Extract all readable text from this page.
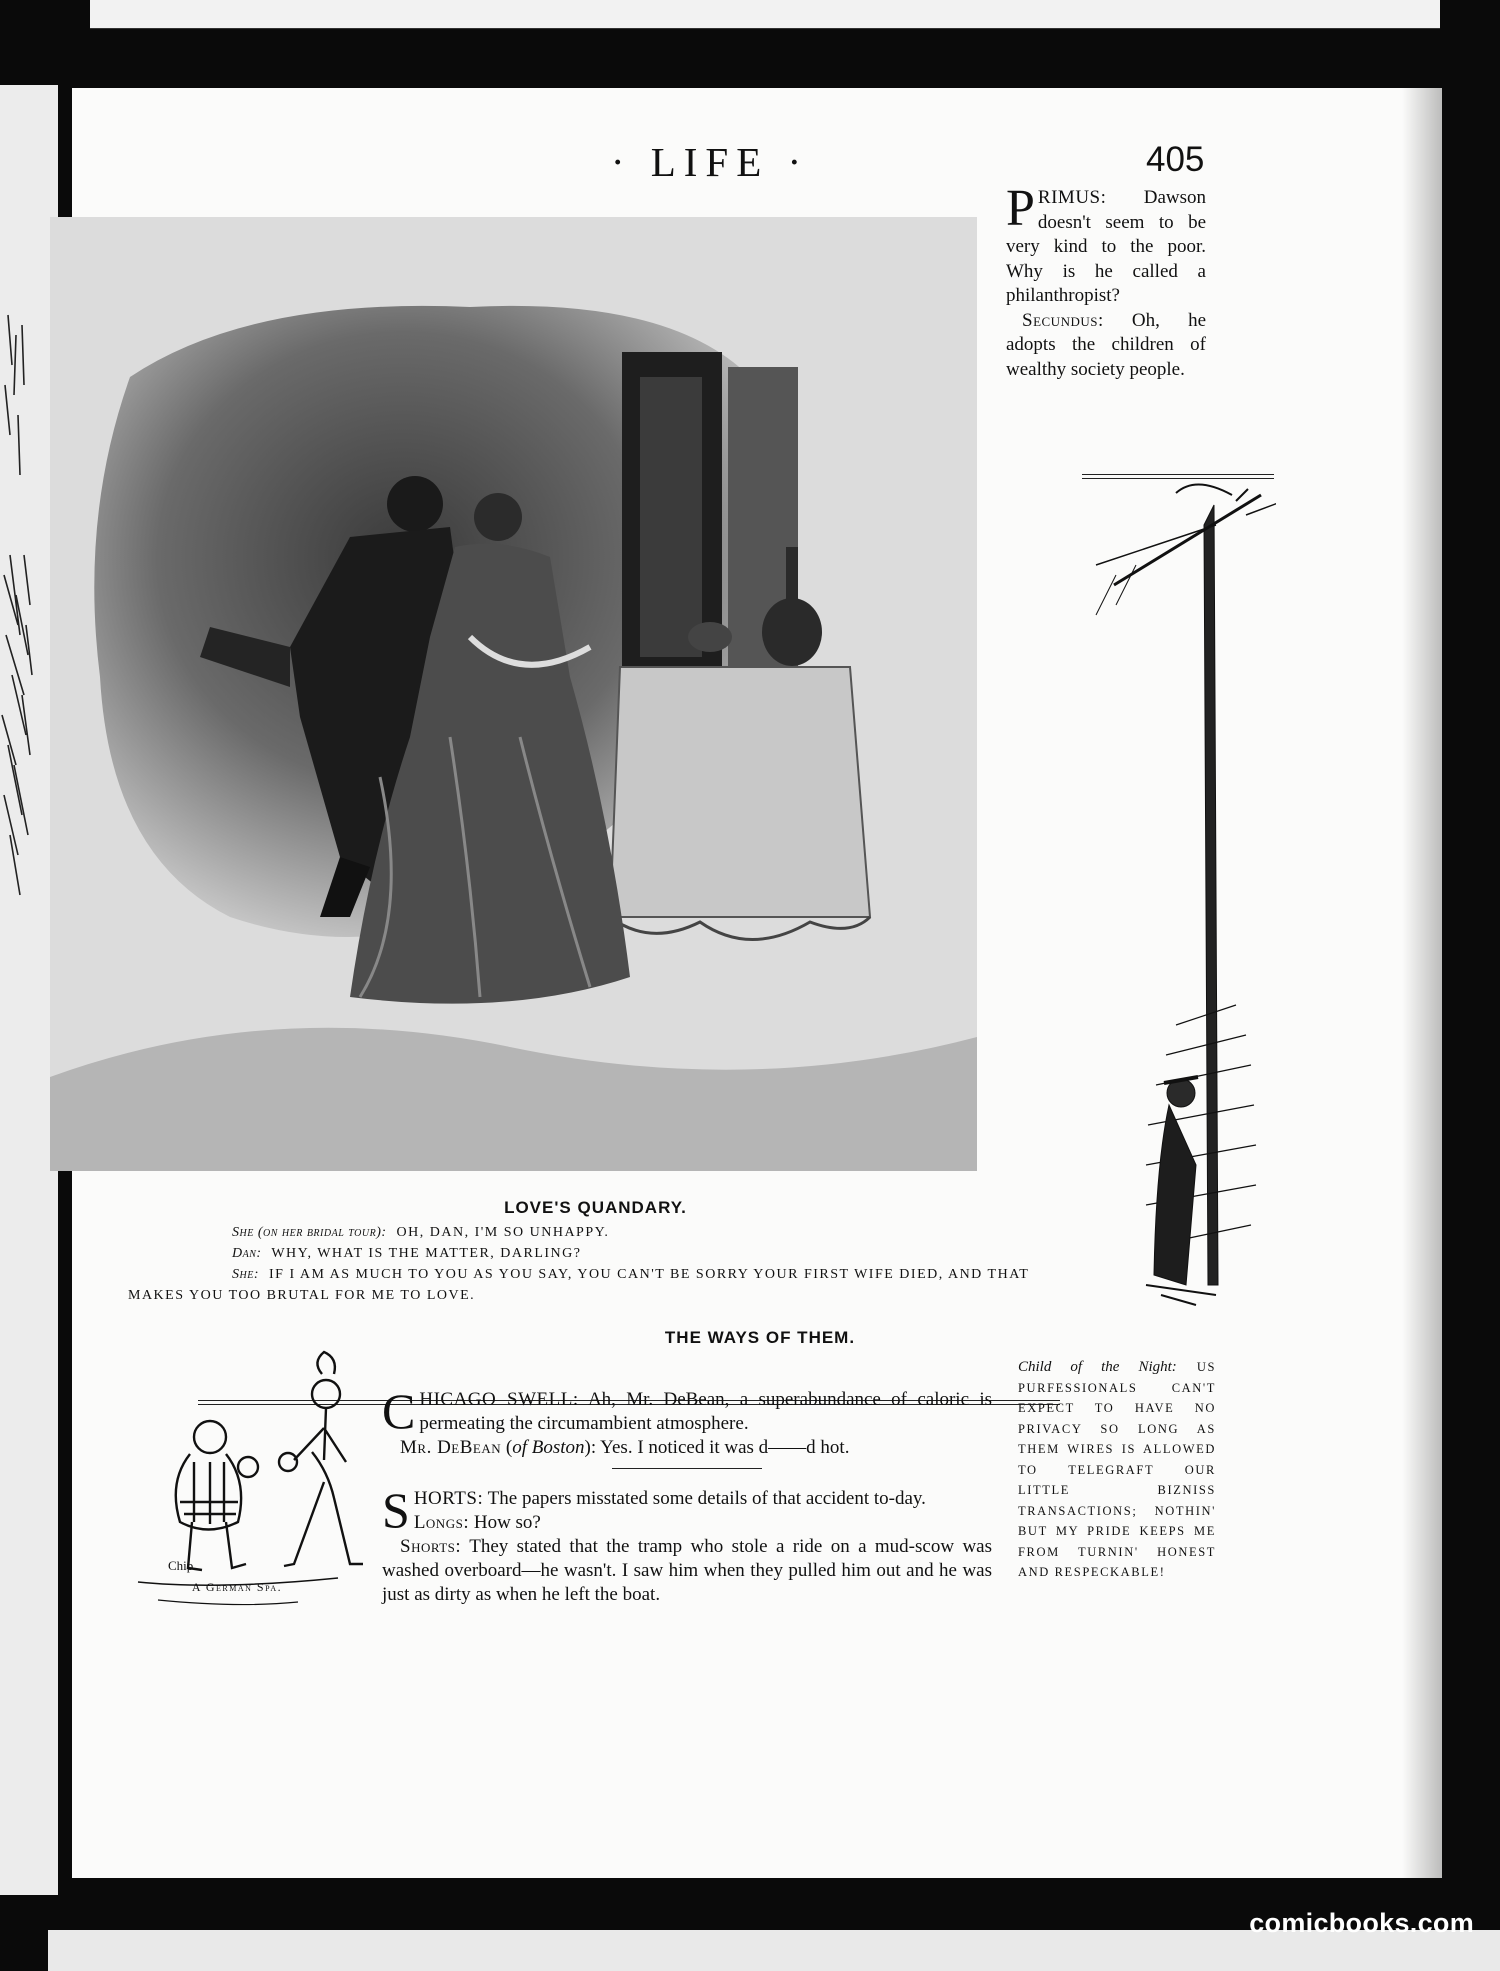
· LIFE ·	405
PRIMUS: Dawson doesn't seem to be very kind to the poor. Why is he called a philanthropist?
Secundus: Oh, he adopts the children of wealthy society people.
LOVE'S QUANDARY.
She (on her bridal tour): OH, DAN, I'M SO UNHAPPY.
Dan: WHY, WHAT IS THE MATTER, DARLING?
She: IF I AM AS MUCH TO YOU AS YOU SAY, YOU CAN'T BE SORRY YOUR FIRST WIFE DIED, AND THAT MAKES YOU TOO BRUTAL FOR ME TO LOVE.
Chip
A German Spa.
THE WAYS OF THEM.

CHICAGO SWELL: Ah, Mr. DeBean, a superabundance of caloric is permeating the circumambient atmosphere.

Mr. DeBean (of Boston): Yes. I noticed it was d——d hot.

SHORTS: The papers misstated some details of that accident to-day.

Longs: How so?

Shorts: They stated that the tramp who stole a ride on a mud-scow was washed overboard—he wasn't. I saw him when they pulled him out and he was just as dirty as when he left the boat.

Child of the Night: US PURFESSIONALS CAN'T EXPECT TO HAVE NO PRIVACY SO LONG AS THEM WIRES IS ALLOWED TO TELEGRAFT OUR LITTLE BIZNISS TRANSACTIONS; NOTHIN' BUT MY PRIDE KEEPS ME FROM TURNIN' HONEST AND RESPECKABLE!
comicbooks.com
